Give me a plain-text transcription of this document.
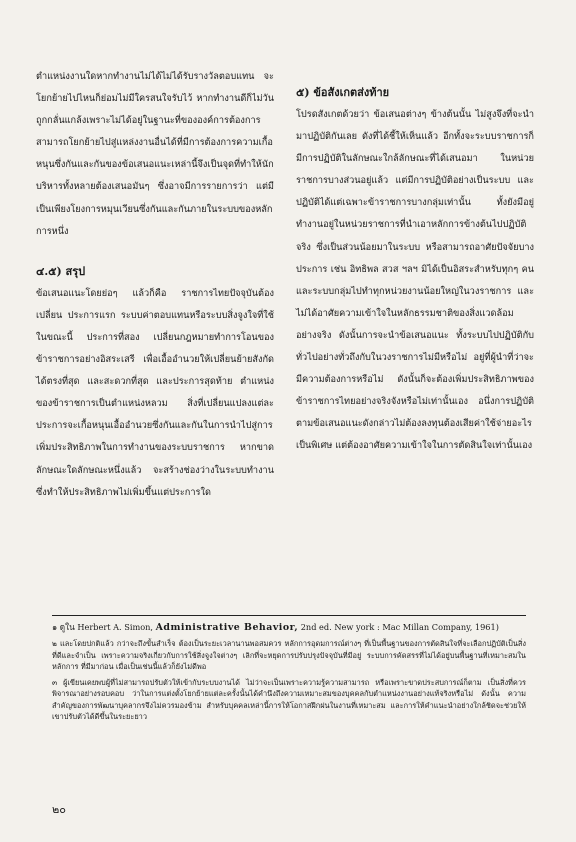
ตำแหน่งงานใดหากทำงานไม่ได้ไม่ได้รับรางวัลตอบแทน จะโยกย้ายไปไหนก็ย่อมไม่มีใครสนใจรับไว้ หากทำงานดีก็ไม่วันถูกกลั่นแกล้งเพราะไม่ได้อยู่ในฐานะที่ขององค์การต้องการ สามารถโยกย้ายไปสู่แหล่งงานอื่นได้ที่มีการต้องการความเกื้อหนุนซึ่งกันและกันของข้อเสนอแนะเหล่านี้จึงเป็นจุดที่ทำให้นักบริหารทั้งหลายต้องเสนอมันๆ ซึ่งอาจมีการรายการว่า แต่มีเป็นเพียงโยงการหมุนเวียนซึ่งกันและกันภายในระบบของหลักการหนึ่ง

๔.๕) สรุป

ข้อเสนอแนะโดยย่อๆ แล้วก็คือ ราชการไทยปัจจุบันต้องเปลี่ยน ประการแรก ระบบค่าตอบแทนหรือระบบสิ่งจูงใจที่ใช้ในขณะนี้ ประการที่สอง เปลี่ยนกฎหมายทำการโอนของข้าราชการอย่างอิสระเสรี เพื่อเอื้ออำนวยให้เปลี่ยนย้ายสังกัดได้ตรงที่สุด และสะดวกที่สุด และประการสุดท้าย ตำแหน่งของข้าราชการเป็นตำแหน่งหลวม สิ่งที่เปลี่ยนแปลงแต่ละประการจะเกื้อหนุนเอื้ออำนวยซึ่งกันและกันในการนำไปสู่การเพิ่มประสิทธิภาพในการทำงานของระบบราชการ หากขาดลักษณะใดลักษณะหนึ่งแล้ว จะสร้างช่องว่างในระบบทำงานซึ่งทำให้ประสิทธิภาพไม่เพิ่มขึ้นแต่ประการใด

๕) ข้อสังเกตส่งท้าย

โปรดสังเกตด้วยว่า ข้อเสนอต่างๆ ข้างต้นนั้น ไม่สูงจึงที่จะนำมาปฏิบัติกันเลย ดังที่ได้ชี้ให้เห็นแล้ว อีกทั้งจะระบบราชการก็มีการปฏิบัติในลักษณะใกล้ลักษณะที่ได้เสนอมา ในหน่วยราชการบางส่วนอยู่แล้ว แต่มีการปฏิบัติอย่างเป็นระบบ และปฏิบัติได้แต่เฉพาะข้าราชการบางกลุ่มเท่านั้น ทั้งยังมีอยู่ทำงานอยู่ในหน่วยราชการที่นำเอาหลักการข้างต้นไปปฏิบัติจริง ซึ่งเป็นส่วนน้อยมาในระบบ หรือสามารถอาศัยปัจจัยบางประการ เช่น อิทธิพล สวส ฯลฯ มิได้เป็นอิสระสำหรับทุกๆ คน และระบบกลุ่มไปทำทุกหน่วยงานน้อยใหญ่ในวงราชการ และไม่ได้อาศัยความเข้าใจในหลักธรรมชาติของสิ่งแวดล้อมอย่างจริง ดังนั้นการจะนำข้อเสนอแนะ ทั้งระบบไปปฏิบัติกับทั่วไปอย่างทั่วถึงกับในวงราชการไม่มีหรือไม่ อยู่ที่ผู้นำที่ว่าจะมีความต้องการหรือไม่ ดังนั้นก็จะต้องเพิ่มประสิทธิภาพของข้าราชการไทยอย่างจริงจังหรือไม่เท่านั้นเอง อนึ่งการปฏิบัติตามข้อเสนอแนะดังกล่าวไม่ต้องลงทุนต้องเสียค่าใช้จ่ายอะไรเป็นพิเศษ แต่ต้องอาศัยความเข้าใจในการตัดสินใจเท่านั้นเอง

๑ ดูใน Herbert A. Simon, Administrative Behavior, 2nd ed. New york : Mac Millan Company, 1961)

๒ และโดยปกติแล้ว กว่าจะถึงขั้นสำเร็จ ต้องเป็นระยะเวลานานพอสมควร หลักการอุดมการณ์ต่างๆ ที่เป็นพื้นฐานของการตัดสินใจที่จะเลือกปฏิบัติเป็นสิ่งที่ดีและจำเป็น เพราะความจริงเกี่ยวกับการใช้สิ่งจูงใจต่างๆ เลิกที่จะหยุดการปรับปรุงปัจจุบันที่มีอยู่ ระบบการคัดสรรที่ไม่ได้อยู่บนพื้นฐานที่เหมาะสมในหลักการ ที่มีมาก่อน เมื่อเป็นเช่นนี้แล้วก็ยังไม่ดีพอ

๓ ผู้เขียนเคยพบผู้ที่ไม่สามารถปรับตัวให้เข้ากับระบบงานได้ ไม่ว่าจะเป็นเพราะความรู้ความสามารถ หรือเพราะขาดประสบการณ์ก็ตาม เป็นสิ่งที่ควรพิจารณาอย่างรอบคอบ ว่าในการแต่งตั้งโยกย้ายแต่ละครั้งนั้นได้คำนึงถึงความเหมาะสมของบุคคลกับตำแหน่งงานอย่างแท้จริงหรือไม่ ดังนั้น ความสำคัญของการพัฒนาบุคลากรจึงไม่ควรมองข้าม สำหรับบุคคลเหล่านี้การให้โอกาสฝึกฝนในงานที่เหมาะสม และการให้คำแนะนำอย่างใกล้ชิดจะช่วยให้เขาปรับตัวได้ดีขึ้นในระยะยาว

๒๐
